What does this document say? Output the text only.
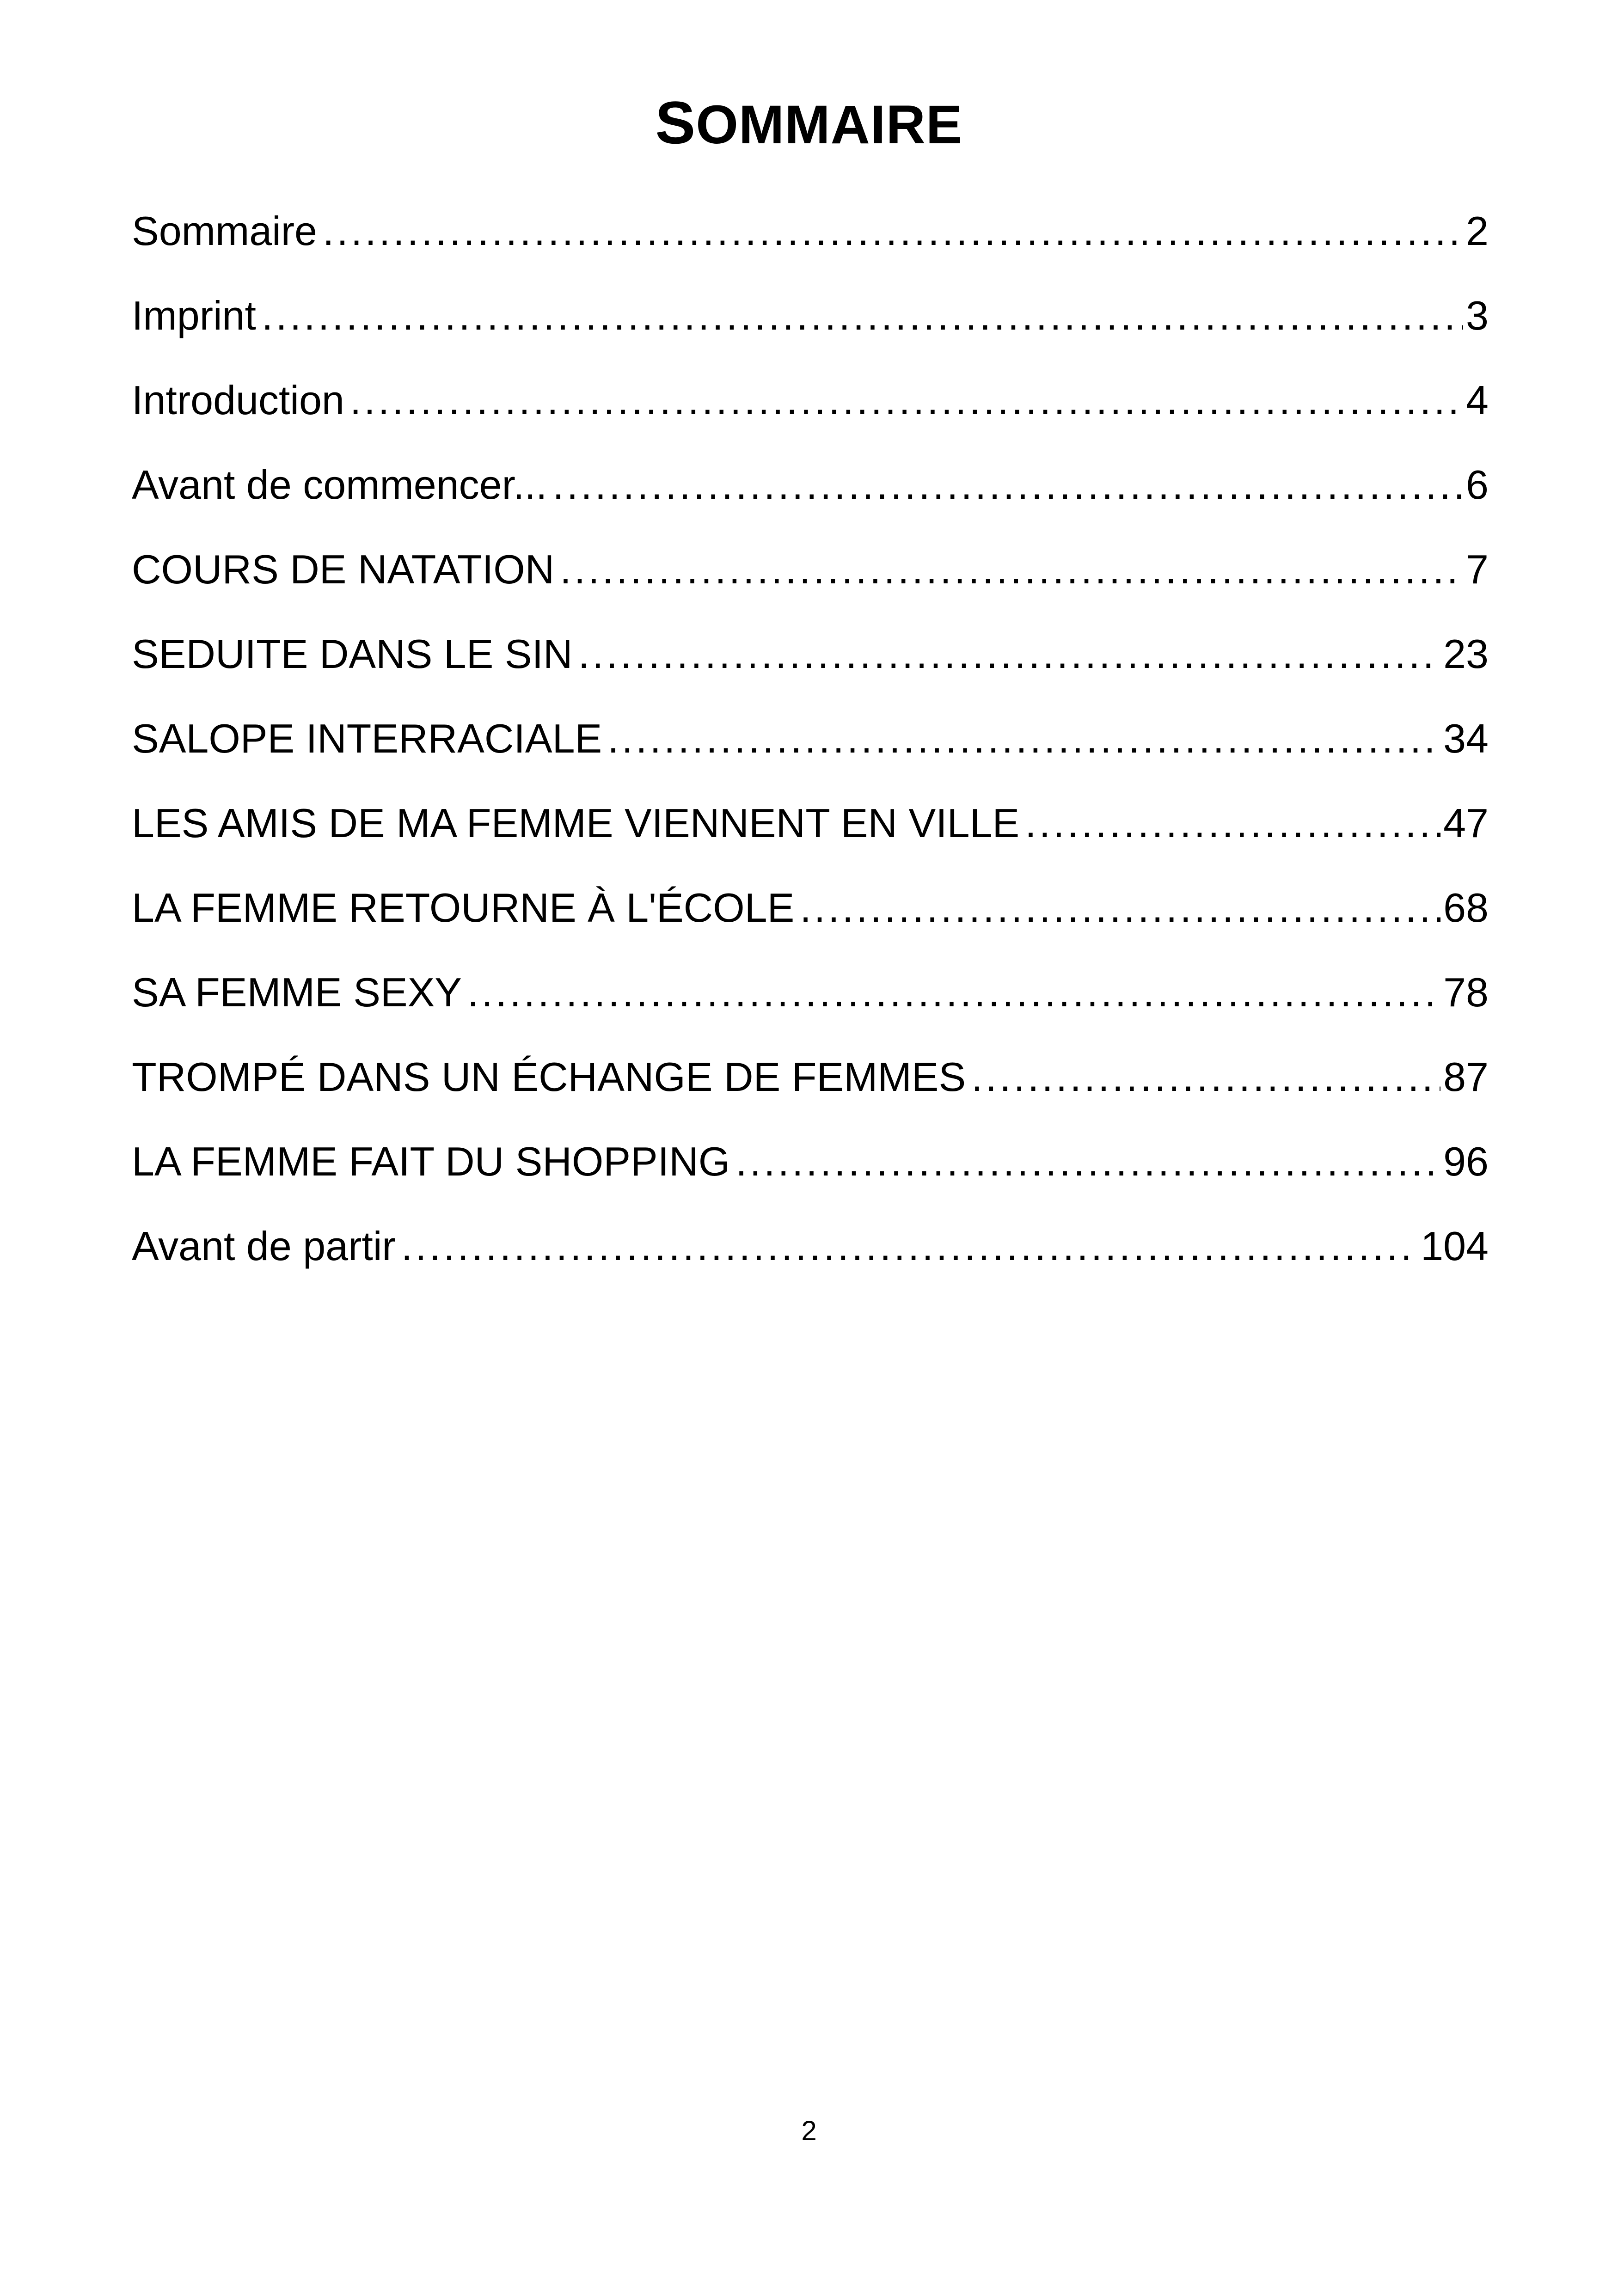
SOMMAIRE
Sommaire .....	2
Imprint .....	3
Introduction .....	4
Avant de commencer... .....	6
COURS DE NATATION .....	7
SEDUITE DANS LE SIN .....	23
SALOPE INTERRACIALE .....	34
LES AMIS DE MA FEMME VIENNENT EN VILLE .....	47
LA FEMME RETOURNE À L'ÉCOLE .....	68
SA FEMME SEXY .....	78
TROMPÉ DANS UN ÉCHANGE DE FEMMES .....	87
LA FEMME FAIT DU SHOPPING .....	96
Avant de partir .....	104
2
